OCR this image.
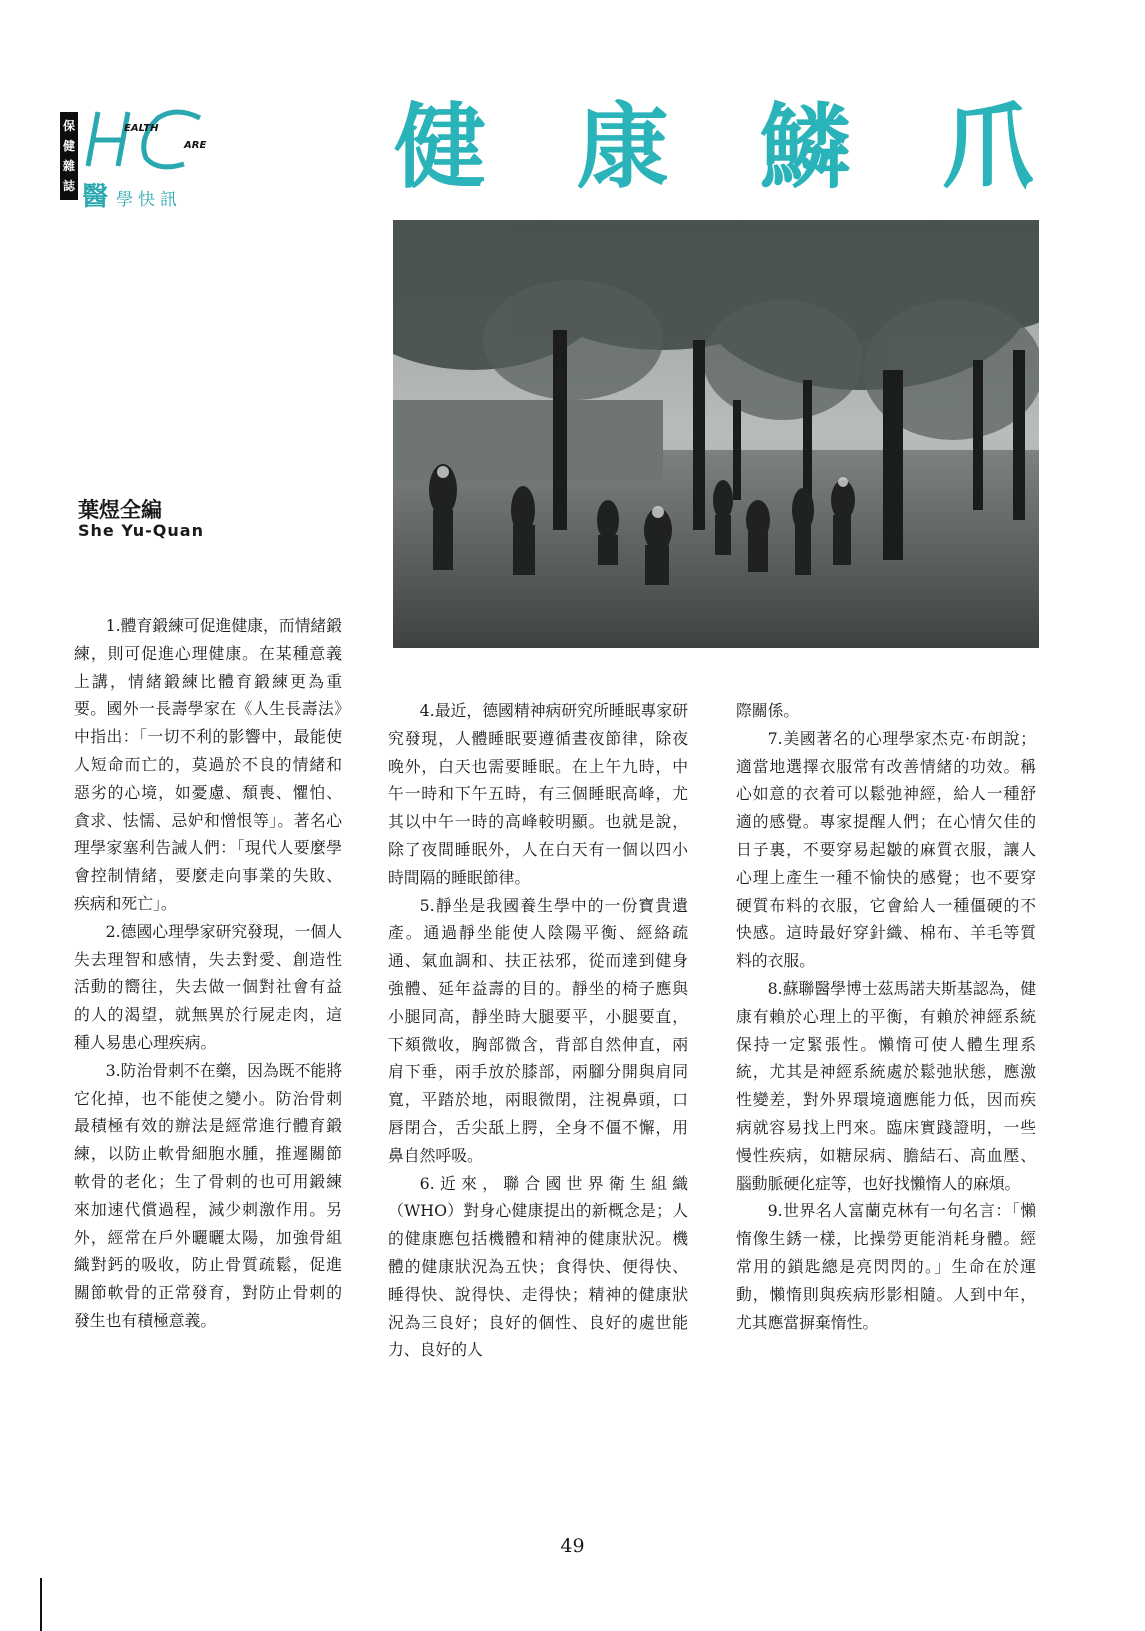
保
健
雜
誌
EALTH
ARE
醫 學快訊 健 康 鱗 爪
葉煜全編
She Yu-Quan

1.體育鍛練可促進健康，而情緒鍛練，則可促進心理健康。在某種意義上講，情緒鍛練比體育鍛練更為重要。國外一長壽學家在《人生長壽法》中指出：「一切不利的影響中，最能使人短命而亡的，莫過於不良的情緒和惡劣的心境，如憂慮、頹喪、懼怕、貪求、怯懦、忌妒和憎恨等」。著名心理學家塞利告誡人們：「現代人要麼學會控制情緒，要麼走向事業的失敗、疾病和死亡」。

2.德國心理學家研究發現，一個人失去理智和感情，失去對愛、創造性活動的嚮往，失去做一個對社會有益的人的渴望，就無異於行屍走肉，這種人易患心理疾病。

3.防治骨刺不在藥，因為既不能將它化掉，也不能使之變小。防治骨刺最積極有效的辦法是經常進行體育鍛練，以防止軟骨細胞水腫，推遲關節軟骨的老化；生了骨刺的也可用鍛練來加速代償過程，減少刺激作用。另外，經常在戶外曬曬太陽，加強骨組織對鈣的吸收，防止骨質疏鬆，促進關節軟骨的正常發育，對防止骨刺的發生也有積極意義。

4.最近，德國精神病研究所睡眠專家研究發現，人體睡眠要遵循晝夜節律，除夜晚外，白天也需要睡眠。在上午九時，中午一時和下午五時，有三個睡眠高峰，尤其以中午一時的高峰較明顯。也就是說，除了夜間睡眠外，人在白天有一個以四小時間隔的睡眠節律。

5.靜坐是我國養生學中的一份寶貴遺產。通過靜坐能使人陰陽平衡、經絡疏通、氣血調和、扶正祛邪，從而達到健身強體、延年益壽的目的。靜坐的椅子應與小腿同高，靜坐時大腿要平，小腿要直，下頦微收，胸部微含，背部自然伸直，兩肩下垂，兩手放於膝部，兩腳分開與肩同寬，平踏於地，兩眼微閉，注視鼻頭，口唇閉合，舌尖舐上腭，全身不僵不懈，用鼻自然呼吸。

6.近來，聯合國世界衛生組織（WHO）對身心健康提出的新概念是；人的健康應包括機體和精神的健康狀況。機體的健康狀況為五快；食得快、便得快、睡得快、說得快、走得快；精神的健康狀況為三良好；良好的個性、良好的處世能力、良好的人

際關係。

7.美國著名的心理學家杰克·布朗說；適當地選擇衣服常有改善情緒的功效。稱心如意的衣着可以鬆弛神經，給人一種舒適的感覺。專家提醒人們；在心情欠佳的日子裏，不要穿易起皺的麻質衣服，讓人心理上產生一種不愉快的感覺；也不要穿硬質布料的衣服，它會給人一種僵硬的不快感。這時最好穿針織、棉布、羊毛等質料的衣服。

8.蘇聯醫學博士茲馬諾夫斯基認為，健康有賴於心理上的平衡，有賴於神經系統保持一定緊張性。懶惰可使人體生理系統，尤其是神經系統處於鬆弛狀態，應激性變差，對外界環境適應能力低，因而疾病就容易找上門來。臨床實踐證明，一些慢性疾病，如糖尿病、膽結石、高血壓、腦動脈硬化症等，也好找懶惰人的麻煩。

9.世界名人富蘭克林有一句名言：「懶惰像生銹一樣，比操勞更能消耗身體。經常用的鎖匙總是亮閃閃的。」生命在於運動，懶惰則與疾病形影相隨。人到中年，尤其應當摒棄惰性。

49
